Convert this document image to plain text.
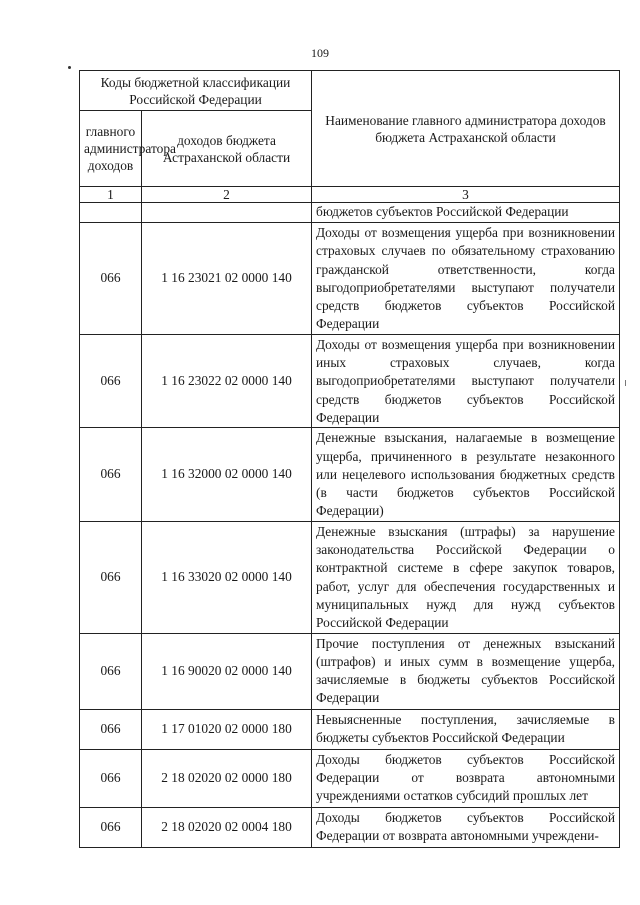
109
Коды бюджетной классификации Российской Федерации		Наименование главного администратора доходов бюджета Астраханской области
главного администратора доходов	доходов бюджета Астраханской области	
1	2	3
		бюджетов субъектов Российской Федерации
066	1 16 23021 02 0000 140	Доходы от возмещения ущерба при возникновении страховых случаев по обязательному страхованию гражданской ответственности, когда выгодоприобретателями выступают получатели средств бюджетов субъектов Российской Федерации
066	1 16 23022 02 0000 140	Доходы от возмещения ущерба при возникновении иных страховых случаев, когда выгодоприобретателями выступают получатели средств бюджетов субъектов Российской Федерации
066	1 16 32000 02 0000 140	Денежные взыскания, налагаемые в возмещение ущерба, причиненного в результате незаконного или нецелевого использования бюджетных средств (в части бюджетов субъектов Российской Федерации)
066	1 16 33020 02 0000 140	Денежные взыскания (штрафы) за нарушение законодательства Российской Федерации о контрактной системе в сфере закупок товаров, работ, услуг для обеспечения государственных и муниципальных нужд для нужд субъектов Российской Федерации
066	1 16 90020 02 0000 140	Прочие поступления от денежных взысканий (штрафов) и иных сумм в возмещение ущерба, зачисляемые в бюджеты субъектов Российской Федерации
066	1 17 01020 02 0000 180	Невыясненные поступления, зачисляемые в бюджеты субъектов Российской Федерации
066	2 18 02020 02 0000 180	Доходы бюджетов субъектов Российской Федерации от возврата автономными учреждениями остатков субсидий прошлых лет
066	2 18 02020 02 0004 180	Доходы бюджетов субъектов Российской Федерации от возврата автономными учреждени-
